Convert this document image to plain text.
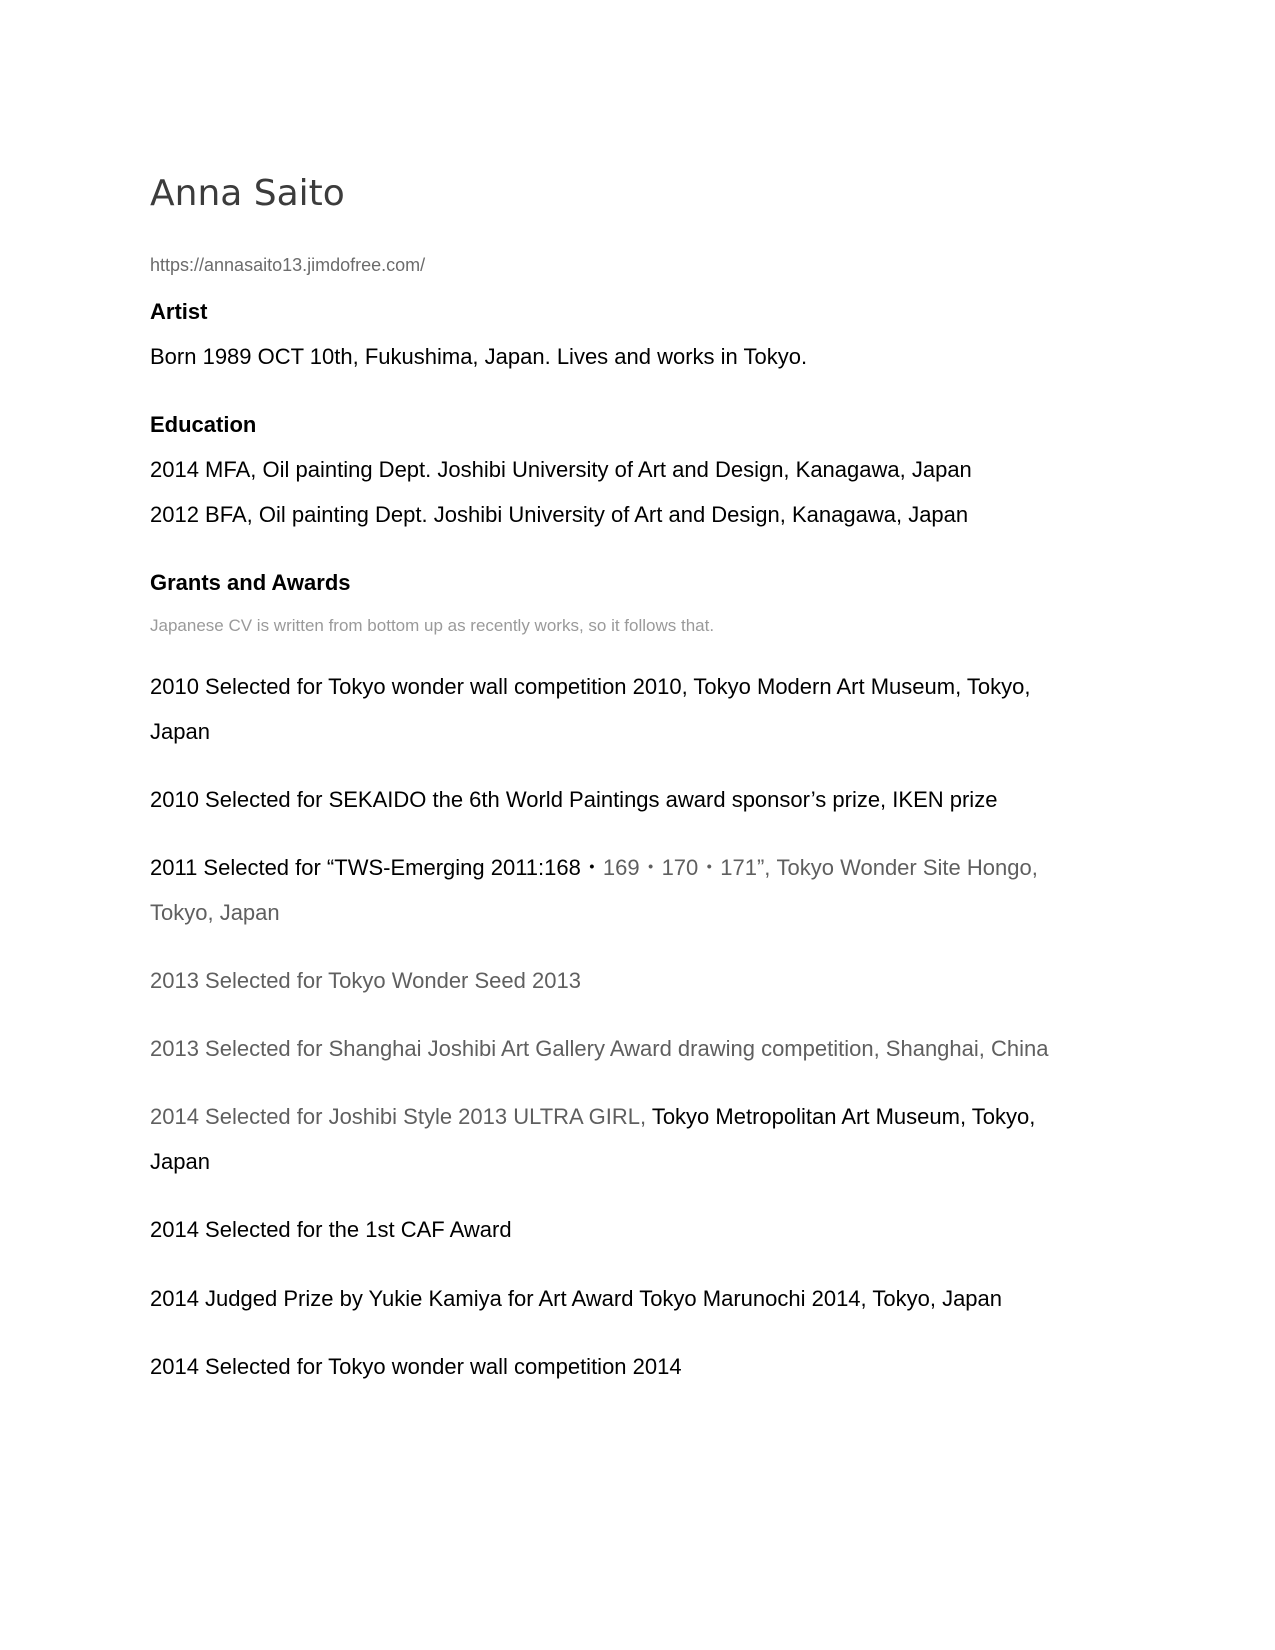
Anna Saito
https://annasaito13.jimdofree.com/
Artist
Born 1989 OCT 10th, Fukushima, Japan. Lives and works in Tokyo.
Education
2014 MFA, Oil painting Dept. Joshibi University of Art and Design, Kanagawa, Japan
2012 BFA, Oil painting Dept. Joshibi University of Art and Design, Kanagawa, Japan
Grants and Awards
Japanese CV is written from bottom up as recently works, so it follows that.
2010 Selected for Tokyo wonder wall competition 2010, Tokyo Modern Art Museum, Tokyo,
Japan
2010 Selected for SEKAIDO the 6th World Paintings award sponsor’s prize, IKEN prize
2011 Selected for “TWS-Emerging 2011:168・169・170・171”, Tokyo Wonder Site Hongo,
Tokyo, Japan
2013 Selected for Tokyo Wonder Seed 2013
2013 Selected for Shanghai Joshibi Art Gallery Award drawing competition, Shanghai, China
2014 Selected for Joshibi Style 2013 ULTRA GIRL, Tokyo Metropolitan Art Museum, Tokyo,
Japan
2014 Selected for the 1st CAF Award
2014 Judged Prize by Yukie Kamiya for Art Award Tokyo Marunochi 2014, Tokyo, Japan
2014 Selected for Tokyo wonder wall competition 2014
